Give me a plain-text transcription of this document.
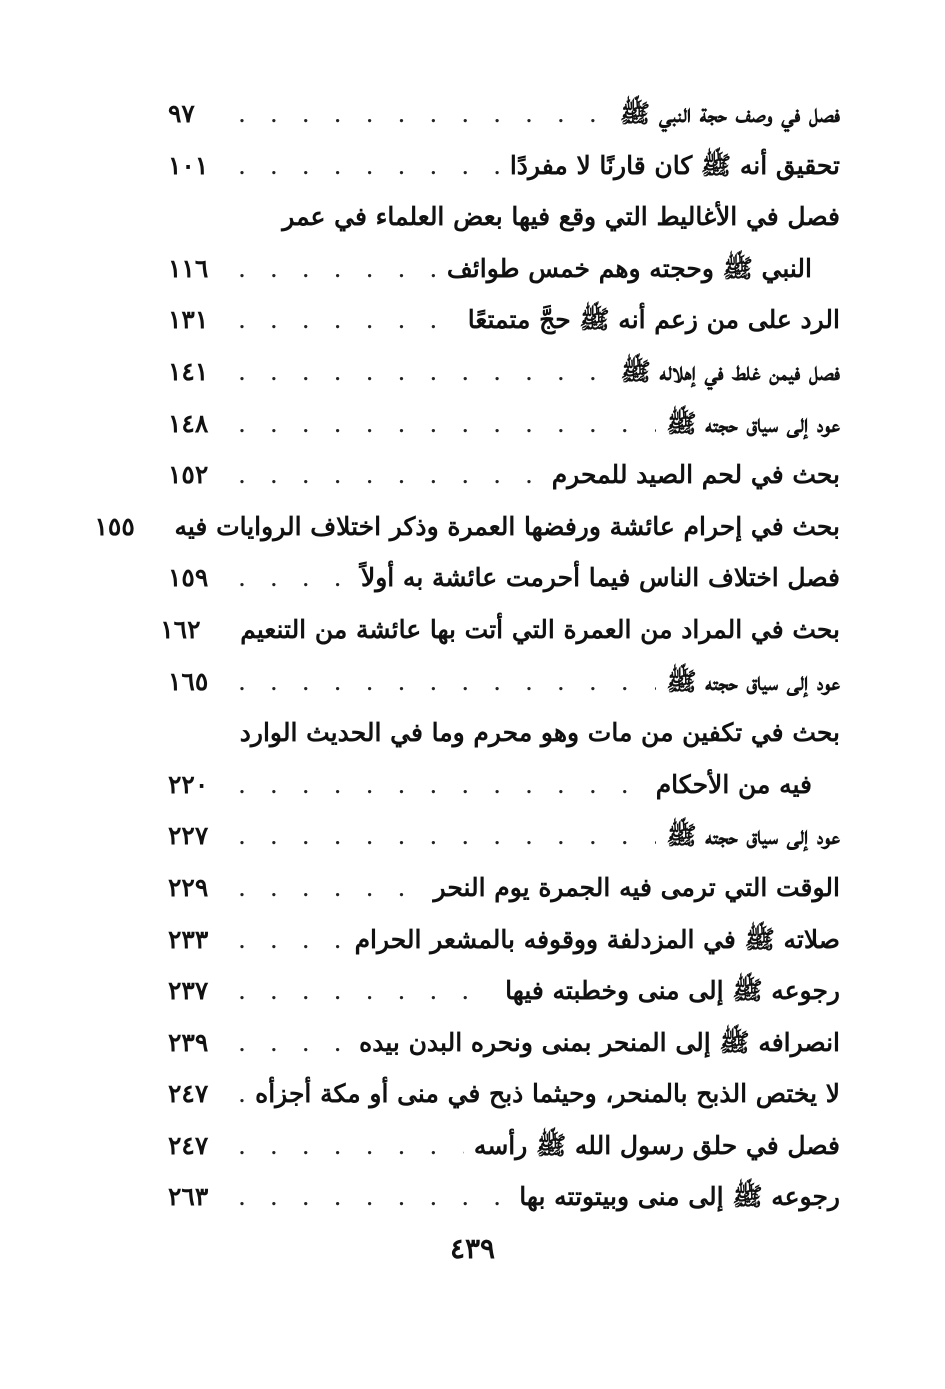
فصل في وصف حجة النبي ﷺ
. . .
٩٧
تحقيق أنه ﷺ كان قارنًا لا مفردًا
. . .
١٠١
فصل في الأغاليط التي وقع فيها بعض العلماء في عمر
النبي ﷺ وحجته وهم خمس طوائف
. . .
١١٦
الرد على من زعم أنه ﷺ حجَّ متمتعًا
. . .
١٣١
فصل فيمن غلط في إهلاله ﷺ
. . .
١٤١
عود إلى سياق حجته ﷺ
. . .
١٤٨
بحث في لحم الصيد للمحرم
. . .
١٥٢
بحث في إحرام عائشة ورفضها العمرة وذكر اختلاف الروايات فيه
١٥٥
فصل اختلاف الناس فيما أحرمت عائشة به أولاً
. . .
١٥٩
بحث في المراد من العمرة التي أتت بها عائشة من التنعيم
١٦٢
عود إلى سياق حجته ﷺ
. . .
١٦٥
بحث في تكفين من مات وهو محرم وما في الحديث الوارد
فيه من الأحكام
. . .
٢٢٠
عود إلى سياق حجته ﷺ
. . .
٢٢٧
الوقت التي ترمى فيه الجمرة يوم النحر
. . .
٢٢٩
صلاته ﷺ في المزدلفة ووقوفه بالمشعر الحرام
. . .
٢٣٣
رجوعه ﷺ إلى منى وخطبته فيها
. . .
٢٣٧
انصرافه ﷺ إلى المنحر بمنى ونحره البدن بيده
. . .
٢٣٩
لا يختص الذبح بالمنحر، وحيثما ذبح في منى أو مكة أجزأه
. . .
٢٤٧
فصل في حلق رسول الله ﷺ رأسه
. . .
٢٤٧
رجوعه ﷺ إلى منى وبيتوتته بها
. . .
٢٦٣
٤٣٩
